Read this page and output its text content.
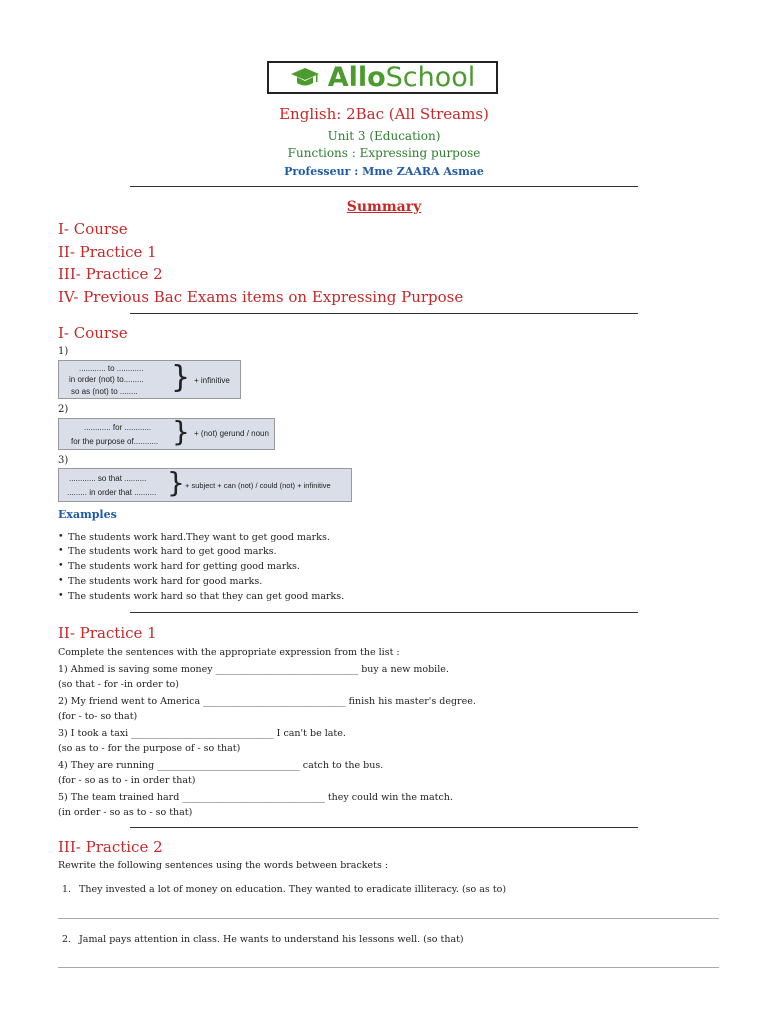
AlloSchool
English: 2Bac (All Streams)
Unit 3 (Education)
Functions : Expressing purpose
Professeur : Mme ZAARA Asmae
Summary
I- Course
II- Practice 1
III- Practice 2
IV- Previous Bac Exams items on Expressing Purpose
I- Course
1)
............ to ............
in order (not) to.........
so as (not) to ........ } + infinitive
2)
............ for ............
for the purpose of........... } + (not) gerund / noun
3)
............ so that ..........
......... in order that .......... } + subject + can (not) / could (not) + infinitive
Examples
• The students work hard.They want to get good marks.
• The students work hard to get good marks.
• The students work hard for getting good marks.
• The students work hard for good marks.
• The students work hard so that they can get good marks.
II- Practice 1
Complete the sentences with the appropriate expression from the list :
1) Ahmed is saving some money ______________________________ buy a new mobile.
(so that - for -in order to)
2) My friend went to America ______________________________ finish his master's degree.
(for - to- so that)
3) I took a taxi ______________________________ I can't be late.
(so as to - for the purpose of - so that)
4) They are running ______________________________ catch to the bus.
(for - so as to - in order that)
5) The team trained hard ______________________________ they could win the match.
(in order - so as to - so that)
III- Practice 2
Rewrite the following sentences using the words between brackets :
1. They invested a lot of money on education. They wanted to eradicate illiteracy. (so as to)
2. Jamal pays attention in class. He wants to understand his lessons well. (so that)
